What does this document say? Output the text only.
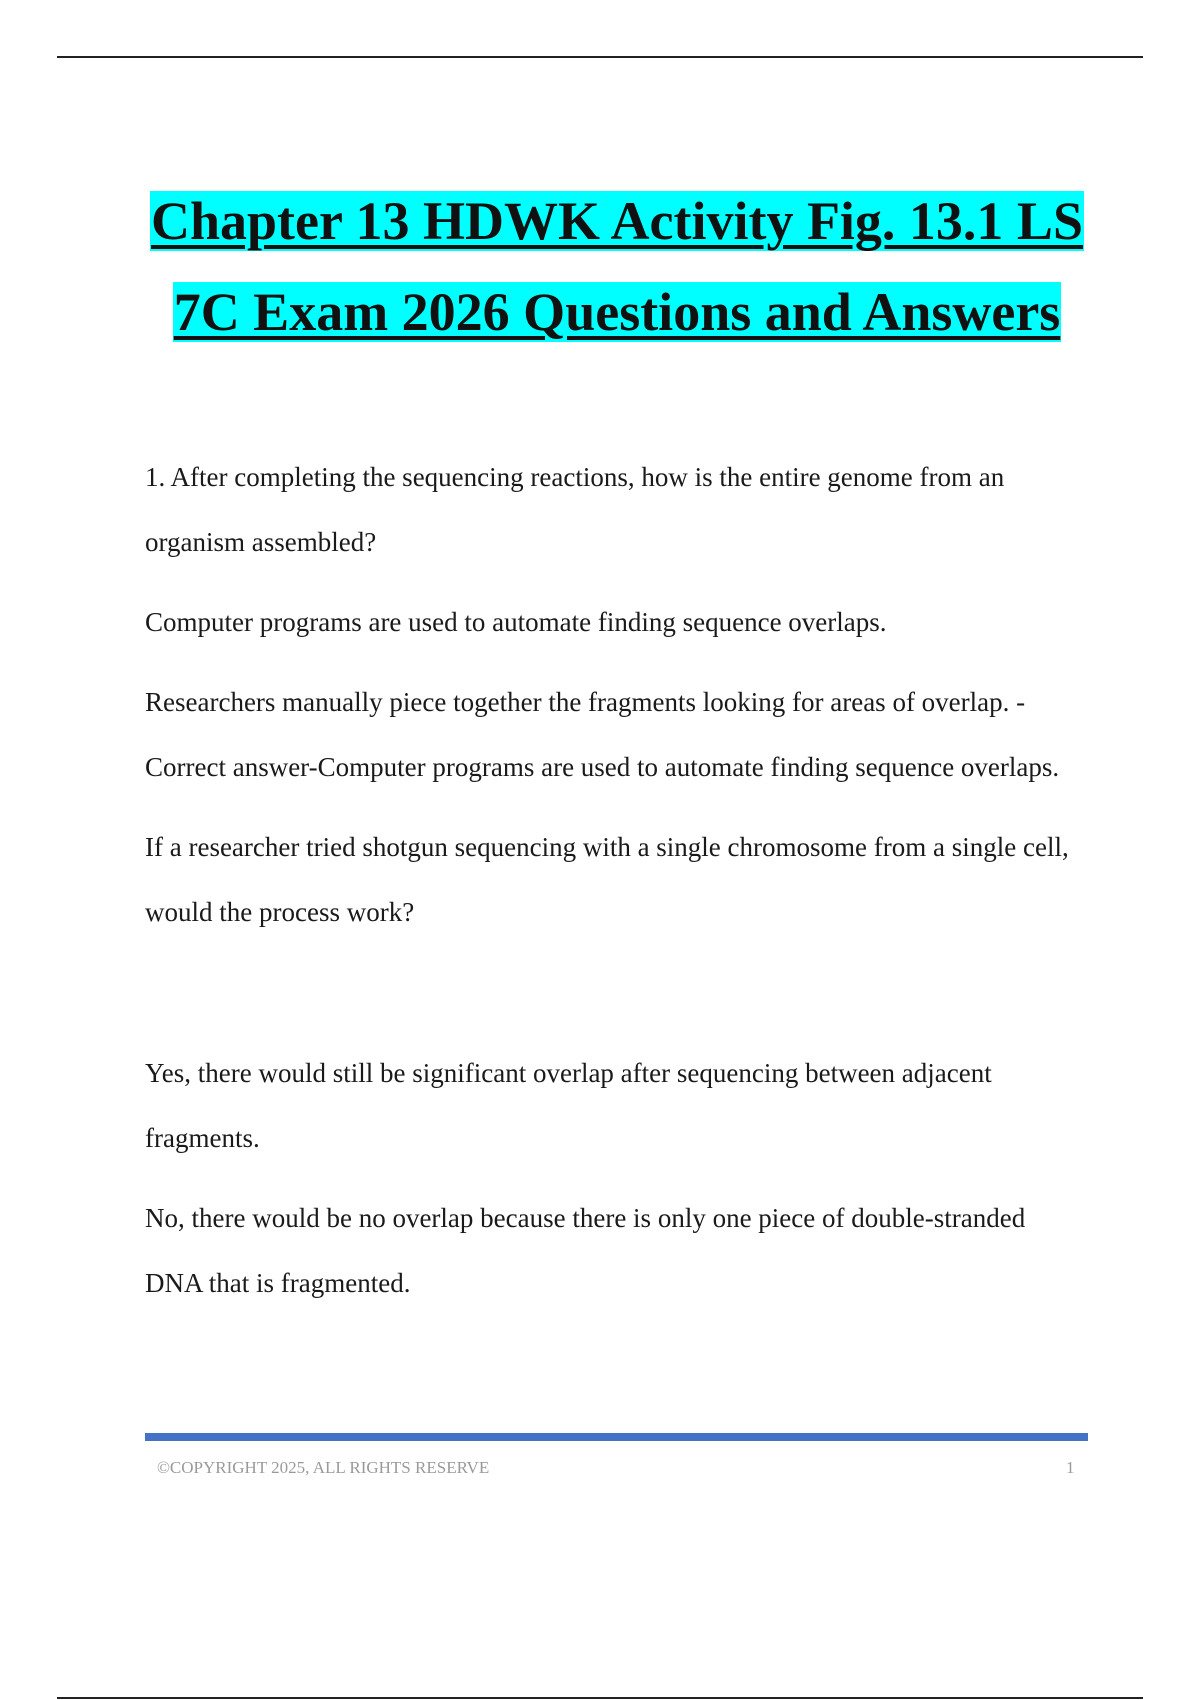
Chapter 13 HDWK Activity Fig. 13.1 LS
7C Exam 2026 Questions and Answers

1. After completing the sequencing reactions, how is the entire genome from an organism assembled?

Computer programs are used to automate finding sequence overlaps.

Researchers manually piece together the fragments looking for areas of overlap. - Correct answer-Computer programs are used to automate finding sequence overlaps.

If a researcher tried shotgun sequencing with a single chromosome from a single cell, would the process work?

Yes, there would still be significant overlap after sequencing between adjacent fragments.

No, there would be no overlap because there is only one piece of double-stranded DNA that is fragmented.

©COPYRIGHT 2025, ALL RIGHTS RESERVE	1
